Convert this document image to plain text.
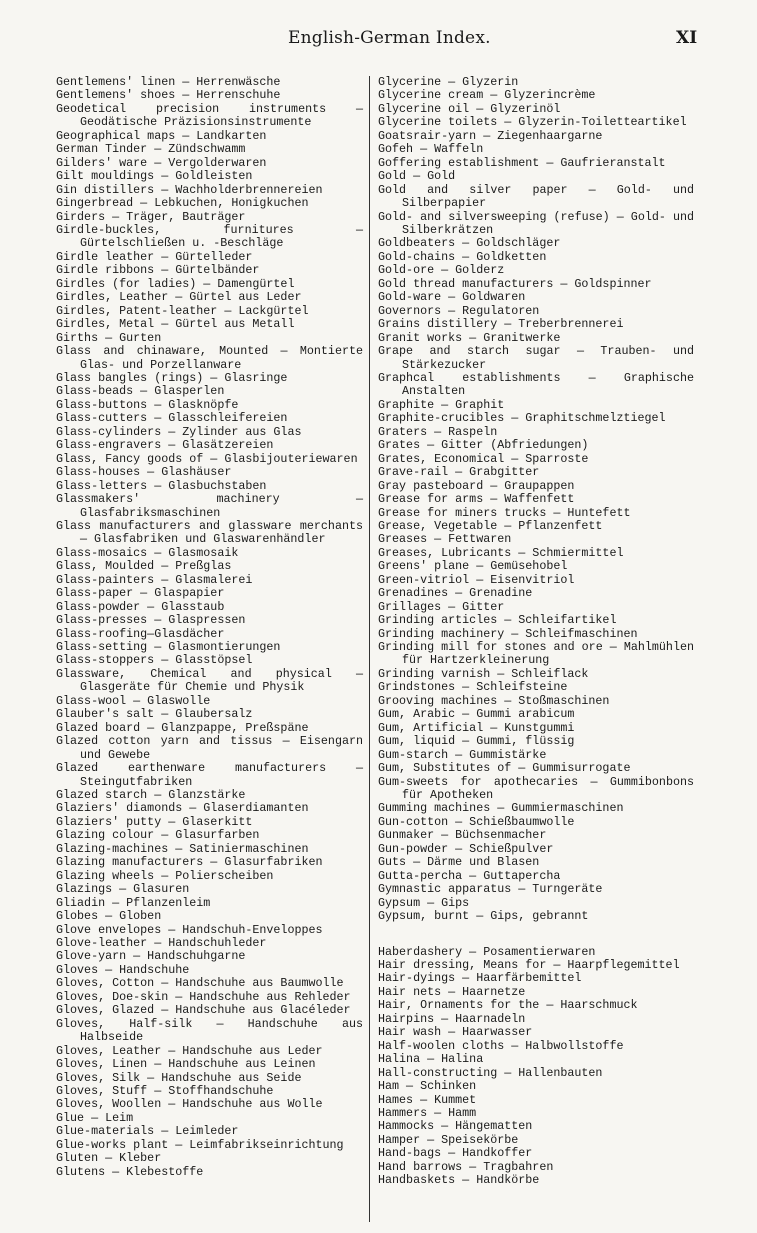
English-German Index.	XI

Gentlemens' linen — Herrenwäsche

Gentlemens' shoes — Herrenschuhe

Geodetical precision instruments — Geodätische Präzisionsinstrumente

Geographical maps — Landkarten

German Tinder — Zündschwamm

Gilders' ware — Vergolderwaren

Gilt mouldings — Goldleisten

Gin distillers — Wachholderbrennereien

Gingerbread — Lebkuchen, Honigkuchen

Girders — Träger, Bauträger

Girdle-buckles, furnitures — Gürtelschließen u. -Beschläge

Girdle leather — Gürtelleder

Girdle ribbons — Gürtelbänder

Girdles (for ladies) — Damengürtel

Girdles, Leather — Gürtel aus Leder

Girdles, Patent-leather — Lackgürtel

Girdles, Metal — Gürtel aus Metall

Girths — Gurten

Glass and chinaware, Mounted — Montierte Glas- und Porzellanware

Glass bangles (rings) — Glasringe

Glass-beads — Glasperlen

Glass-buttons — Glasknöpfe

Glass-cutters — Glasschleifereien

Glass-cylinders — Zylinder aus Glas

Glass-engravers — Glasätzereien

Glass, Fancy goods of — Glasbijouteriewaren

Glass-houses — Glashäuser

Glass-letters — Glasbuchstaben

Glassmakers' machinery — Glasfabriksmaschinen

Glass manufacturers and glassware merchants — Glasfabriken und Glaswarenhändler

Glass-mosaics — Glasmosaik

Glass, Moulded — Preßglas

Glass-painters — Glasmalerei

Glass-paper — Glaspapier

Glass-powder — Glasstaub

Glass-presses — Glaspressen

Glass-roofing—Glasdächer

Glass-setting — Glasmontierungen

Glass-stoppers — Glasstöpsel

Glassware, Chemical and physical — Glasgeräte für Chemie und Physik

Glass-wool — Glaswolle

Glauber's salt — Glaubersalz

Glazed board — Glanzpappe, Preßspäne

Glazed cotton yarn and tissus — Eisengarn und Gewebe

Glazed earthenware manufacturers — Steingutfabriken

Glazed starch — Glanzstärke

Glaziers' diamonds — Glaserdiamanten

Glaziers' putty — Glaserkitt

Glazing colour — Glasurfarben

Glazing-machines — Satiniermaschinen

Glazing manufacturers — Glasurfabriken

Glazing wheels — Polierscheiben

Glazings — Glasuren

Gliadin — Pflanzenleim

Globes — Globen

Glove envelopes — Handschuh-Enveloppes

Glove-leather — Handschuhleder

Glove-yarn — Handschuhgarne

Gloves — Handschuhe

Gloves, Cotton — Handschuhe aus Baumwolle

Gloves, Doe-skin — Handschuhe aus Rehleder

Gloves, Glazed — Handschuhe aus Glacéleder

Gloves, Half-silk — Handschuhe aus Halbseide

Gloves, Leather — Handschuhe aus Leder

Gloves, Linen — Handschuhe aus Leinen

Gloves, Silk — Handschuhe aus Seide

Gloves, Stuff — Stoffhandschuhe

Gloves, Woollen — Handschuhe aus Wolle

Glue — Leim

Glue-materials — Leimleder

Glue-works plant — Leimfabrikseinrichtung

Gluten — Kleber

Glutens — Klebestoffe

Glycerine — Glyzerin

Glycerine cream — Glyzerincrème

Glycerine oil — Glyzerinöl

Glycerine toilets — Glyzerin-Toiletteartikel

Goatsrair-yarn — Ziegenhaargarne

Gofeh — Waffeln

Goffering establishment — Gaufrieranstalt

Gold — Gold

Gold and silver paper — Gold- und Silberpapier

Gold- and silversweeping (refuse) — Gold- und Silberkrätzen

Goldbeaters — Goldschläger

Gold-chains — Goldketten

Gold-ore — Golderz

Gold thread manufacturers — Goldspinner

Gold-ware — Goldwaren

Governors — Regulatoren

Grains distillery — Treberbrennerei

Granit works — Granitwerke

Grape and starch sugar — Trauben- und Stärkezucker

Graphcal establishments — Graphische Anstalten

Graphite — Graphit

Graphite-crucibles — Graphitschmelztiegel

Graters — Raspeln

Grates — Gitter (Abfriedungen)

Grates, Economical — Sparroste

Grave-rail — Grabgitter

Gray pasteboard — Graupappen

Grease for arms — Waffenfett

Grease for miners trucks — Huntefett

Grease, Vegetable — Pflanzenfett

Greases — Fettwaren

Greases, Lubricants — Schmiermittel

Greens' plane — Gemüsehobel

Green-vitriol — Eisenvitriol

Grenadines — Grenadine

Grillages — Gitter

Grinding articles — Schleifartikel

Grinding machinery — Schleifmaschinen

Grinding mill for stones and ore — Mahlmühlen für Hartzerkleinerung

Grinding varnish — Schleiflack

Grindstones — Schleifsteine

Grooving machines — Stoßmaschinen

Gum, Arabic — Gummi arabicum

Gum, Artificial — Kunstgummi

Gum, liquid — Gummi, flüssig

Gum-starch — Gummistärke

Gum, Substitutes of — Gummisurrogate

Gum-sweets for apothecaries — Gummibonbons für Apotheken

Gumming machines — Gummiermaschinen

Gun-cotton — Schießbaumwolle

Gunmaker — Büchsenmacher

Gun-powder — Schießpulver

Guts — Därme und Blasen

Gutta-percha — Guttapercha

Gymnastic apparatus — Turngeräte

Gypsum — Gips

Gypsum, burnt — Gips, gebrannt

Haberdashery — Posamentierwaren

Hair dressing, Means for — Haarpflegemittel

Hair-dyings — Haarfärbemittel

Hair nets — Haarnetze

Hair, Ornaments for the — Haarschmuck

Hairpins — Haarnadeln

Hair wash — Haarwasser

Half-woolen cloths — Halbwollstoffe

Halina — Halina

Hall-constructing — Hallenbauten

Ham — Schinken

Hames — Kummet

Hammers — Hamm

Hammocks — Hängematten

Hamper — Speisekörbe

Hand-bags — Handkoffer

Hand barrows — Tragbahren

Handbaskets — Handkörbe
